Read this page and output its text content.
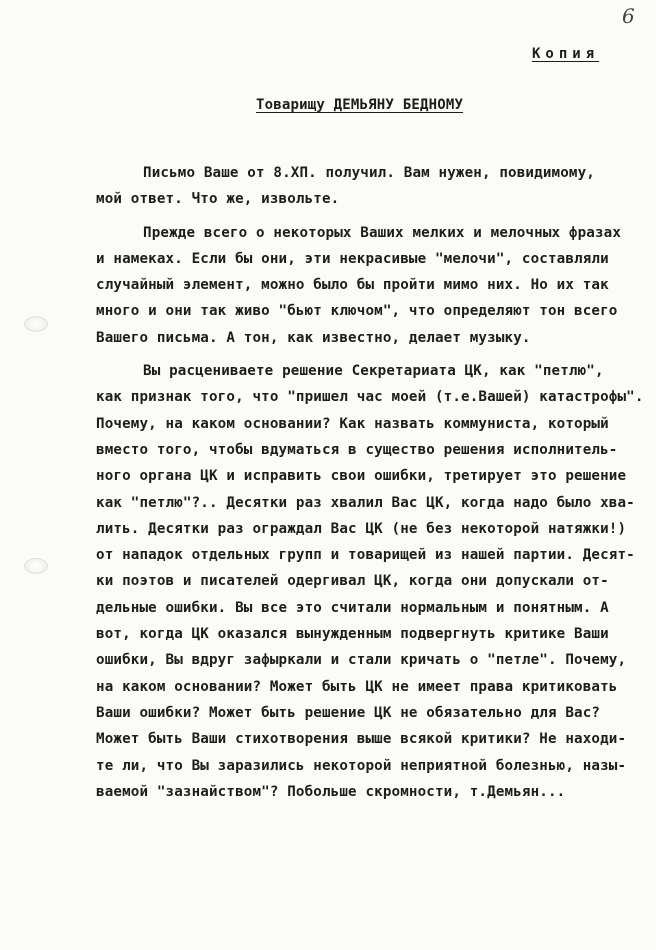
6
Копия
Товарищу ДЕМЬЯНУ БЕДНОМУ
Письмо Ваше от 8.XП. получил. Вам нужен, повидимому,
мой ответ. Что же, извольте.
Прежде всего о некоторых Ваших мелких и мелочных фразах
и намеках. Если бы они, эти некрасивые "мелочи", составляли
случайный элемент, можно было бы пройти мимо них. Но их так
много и они так живо "бьют ключом", что определяют тон всего
Вашего письма. А тон, как известно, делает музыку.
Вы расцениваете решение Секретариата ЦК, как "петлю",
как признак того, что "пришел час моей (т.е.Вашей) катастрофы".
Почему, на каком основании? Как назвать коммуниста, который
вместо того, чтобы вдуматься в существо решения исполнитель-
ного органа ЦК и исправить свои ошибки, третирует это решение
как "петлю"?.. Десятки раз хвалил Вас ЦК, когда надо было хва-
лить. Десятки раз ограждал Вас ЦК (не без некоторой натяжки!)
от нападок отдельных групп и товарищей из нашей партии. Десят-
ки поэтов и писателей одергивал ЦК, когда они допускали от-
дельные ошибки. Вы все это считали нормальным и понятным. А
вот, когда ЦК оказался вынужденным подвергнуть критике Ваши
ошибки, Вы вдруг зафыркали и стали кричать о "петле". Почему,
на каком основании? Может быть ЦК не имеет права критиковать
Ваши ошибки? Может быть решение ЦК не обязательно для Вас?
Может быть Ваши стихотворения выше всякой критики? Не находи-
те ли, что Вы заразились некоторой неприятной болезнью, назы-
ваемой "зазнайством"? Побольше скромности, т.Демьян...
